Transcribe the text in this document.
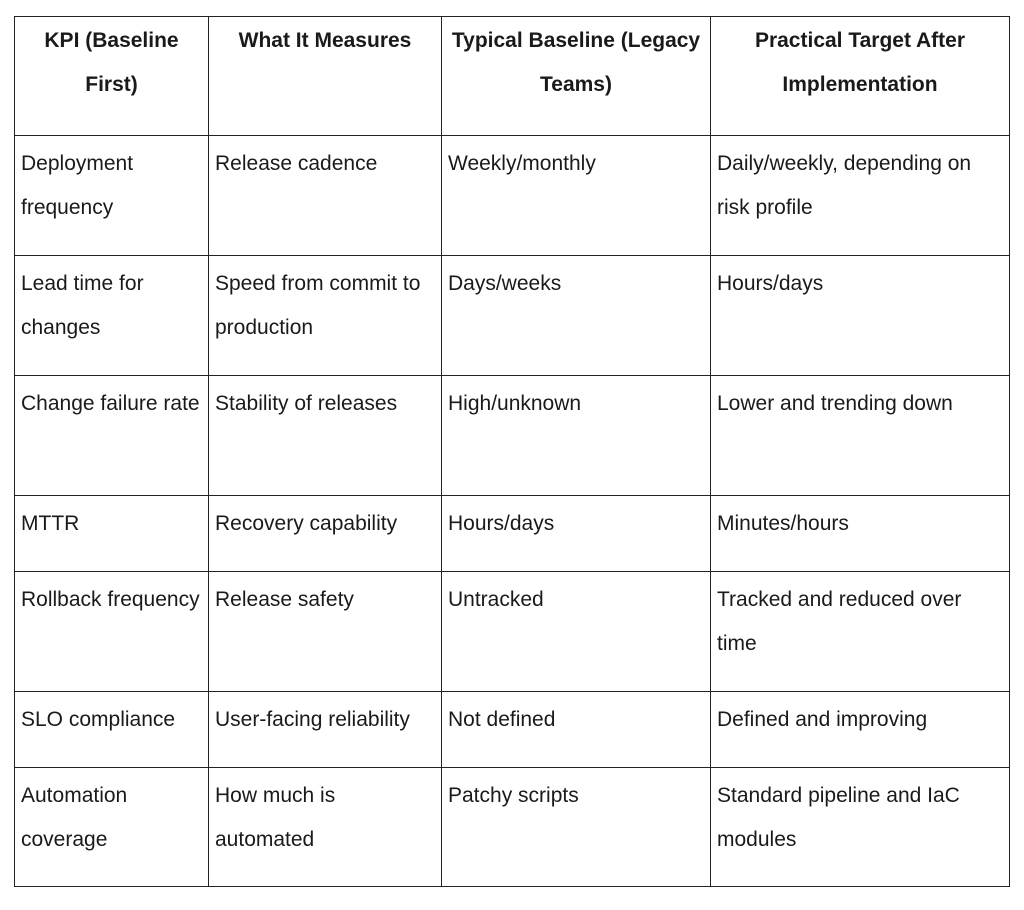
KPI (Baseline First)	What It Measures	Typical Baseline (Legacy Teams)	Practical Target After Implementation
Deployment frequency	Release cadence	Weekly/monthly	Daily/weekly, depending on risk profile
Lead time for changes	Speed from commit to production	Days/weeks	Hours/days
Change failure rate	Stability of releases	High/unknown	Lower and trending down
MTTR	Recovery capability	Hours/days	Minutes/hours
Rollback frequency	Release safety	Untracked	Tracked and reduced over time
SLO compliance	User-facing reliability	Not defined	Defined and improving
Automation coverage	How much is automated	Patchy scripts	Standard pipeline and IaC modules
